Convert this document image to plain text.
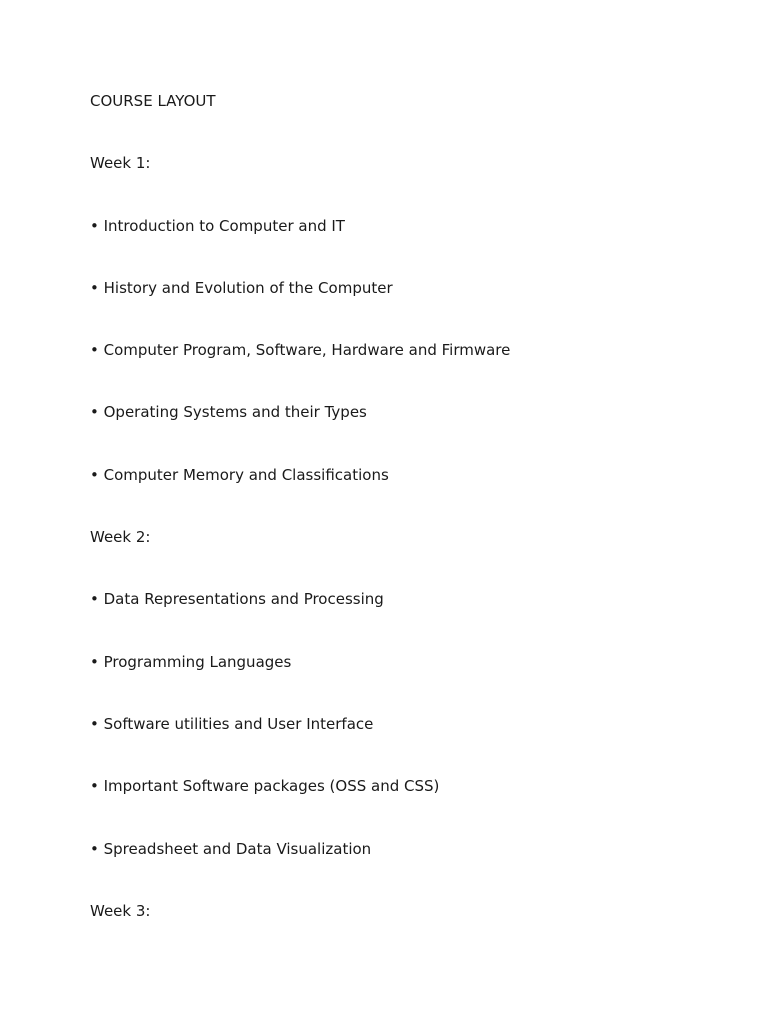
COURSE LAYOUT
Week 1:
• Introduction to Computer and IT
• History and Evolution of the Computer
• Computer Program, Software, Hardware and Firmware
• Operating Systems and their Types
• Computer Memory and Classifications
Week 2:
• Data Representations and Processing
• Programming Languages
• Software utilities and User Interface
• Important Software packages (OSS and CSS)
• Spreadsheet and Data Visualization
Week 3:
